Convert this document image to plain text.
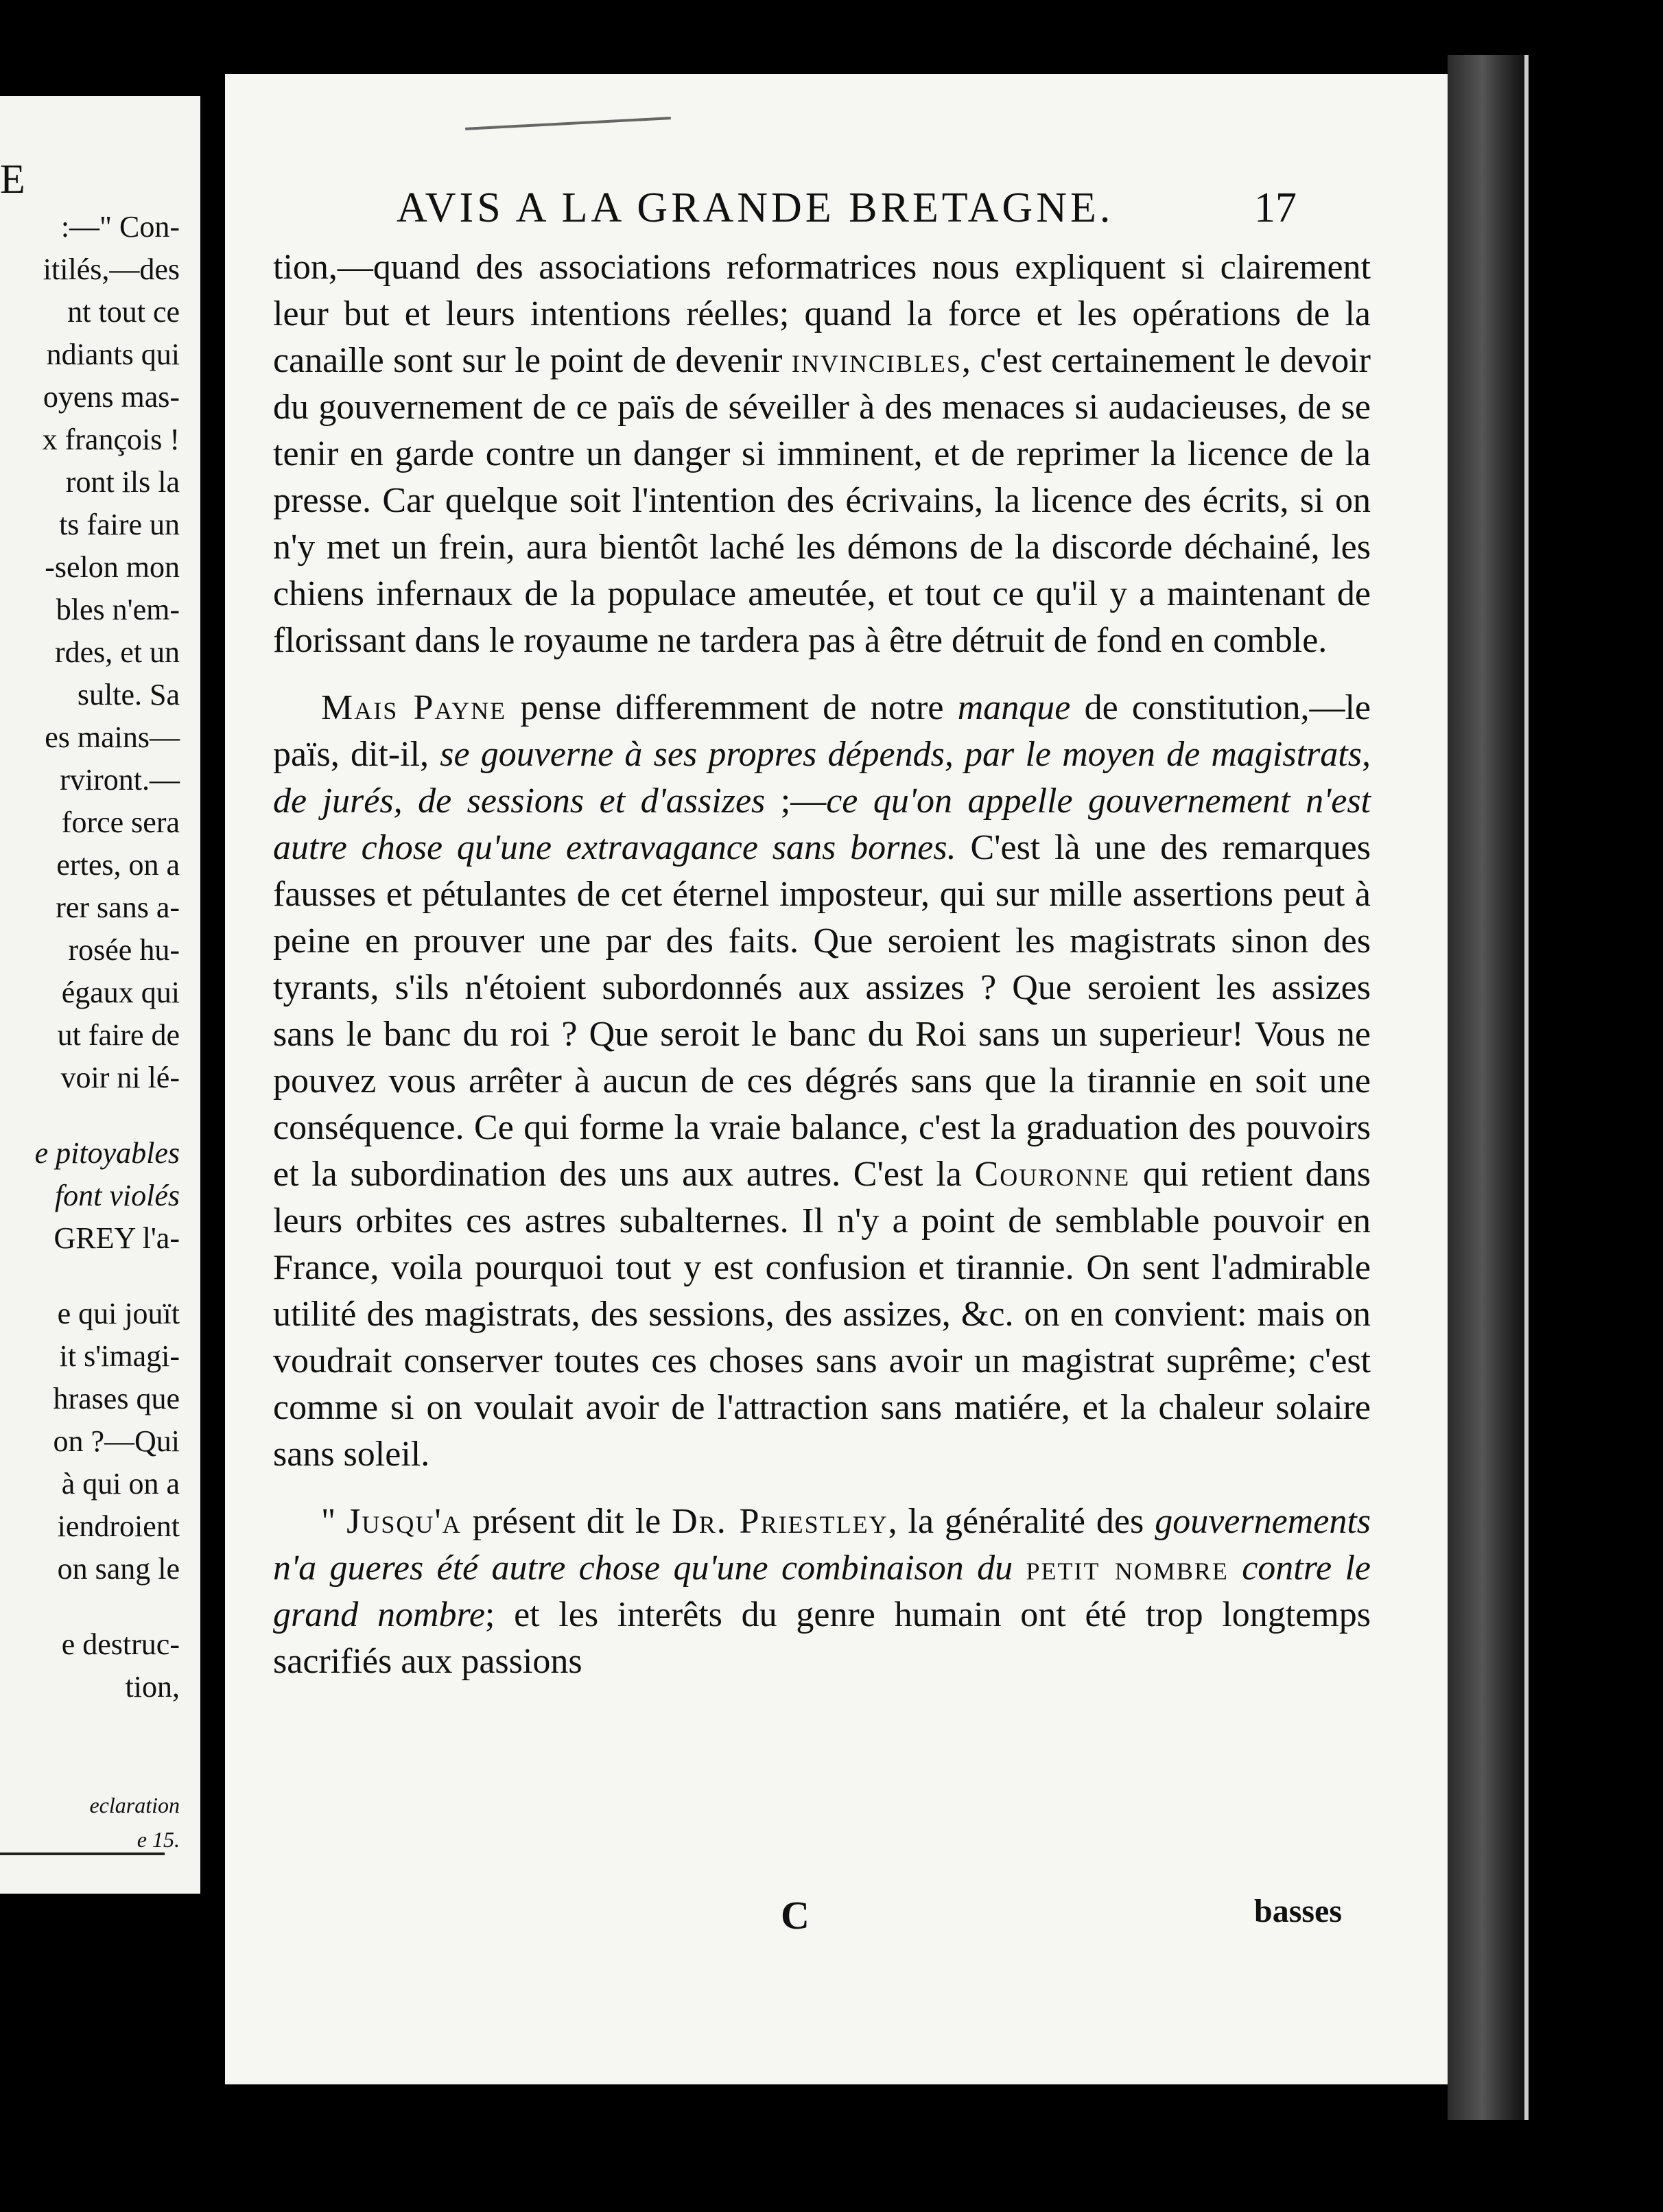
E
:—" Con-
itilés,—des
nt tout ce
ndiants qui
oyens mas-
x françois !
ront ils la
ts faire un
-selon mon
bles n'em-
rdes, et un
sulte. Sa
es mains—
rviront.—
force sera
ertes, on a
rer sans a-
rosée hu-
égaux qui
ut faire de
voir ni lé-
e pitoyables
font violés
GREY l'a-
e qui jouït
it s'imagi-
hrases que
on ?—Qui
à qui on a
iendroient
on sang le
e destruc-
tion,
eclaration
e 15.
AVIS A LA GRANDE BRETAGNE.	17

tion,—quand des associations reformatrices nous expliquent si clairement leur but et leurs intentions réelles; quand la force et les opérations de la canaille sont sur le point de devenir invincibles, c'est certainement le devoir du gouvernement de ce païs de séveiller à des menaces si audacieuses, de se tenir en garde contre un danger si imminent, et de reprimer la licence de la presse. Car quelque soit l'intention des écrivains, la licence des écrits, si on n'y met un frein, aura bientôt laché les démons de la discorde déchainé, les chiens infernaux de la populace ameutée, et tout ce qu'il y a maintenant de florissant dans le royaume ne tardera pas à être détruit de fond en comble.

Mais Payne pense differemment de notre manque de constitution,—le païs, dit-il, se gouverne à ses propres dépends, par le moyen de magistrats, de jurés, de sessions et d'assizes ;—ce qu'on appelle gouvernement n'est autre chose qu'une extravagance sans bornes. C'est là une des remarques fausses et pétulantes de cet éternel imposteur, qui sur mille assertions peut à peine en prouver une par des faits. Que seroient les magistrats sinon des tyrants, s'ils n'étoient subordonnés aux assizes ? Que seroient les assizes sans le banc du roi ? Que seroit le banc du Roi sans un superieur! Vous ne pouvez vous arrêter à aucun de ces dégrés sans que la tirannie en soit une conséquence. Ce qui forme la vraie balance, c'est la graduation des pouvoirs et la subordination des uns aux autres. C'est la Couronne qui retient dans leurs orbites ces astres subalternes. Il n'y a point de semblable pouvoir en France, voila pourquoi tout y est confusion et tirannie. On sent l'admirable utilité des magistrats, des sessions, des assizes, &c. on en convient: mais on voudrait conserver toutes ces choses sans avoir un magistrat suprême; c'est comme si on voulait avoir de l'attraction sans matiére, et la chaleur solaire sans soleil.

" Jusqu'a présent dit le Dr. Priestley, la généralité des gouvernements n'a gueres été autre chose qu'une combinaison du petit nombre contre le grand nombre; et les interêts du genre humain ont été trop longtemps sacrifiés aux passions

C	basses
